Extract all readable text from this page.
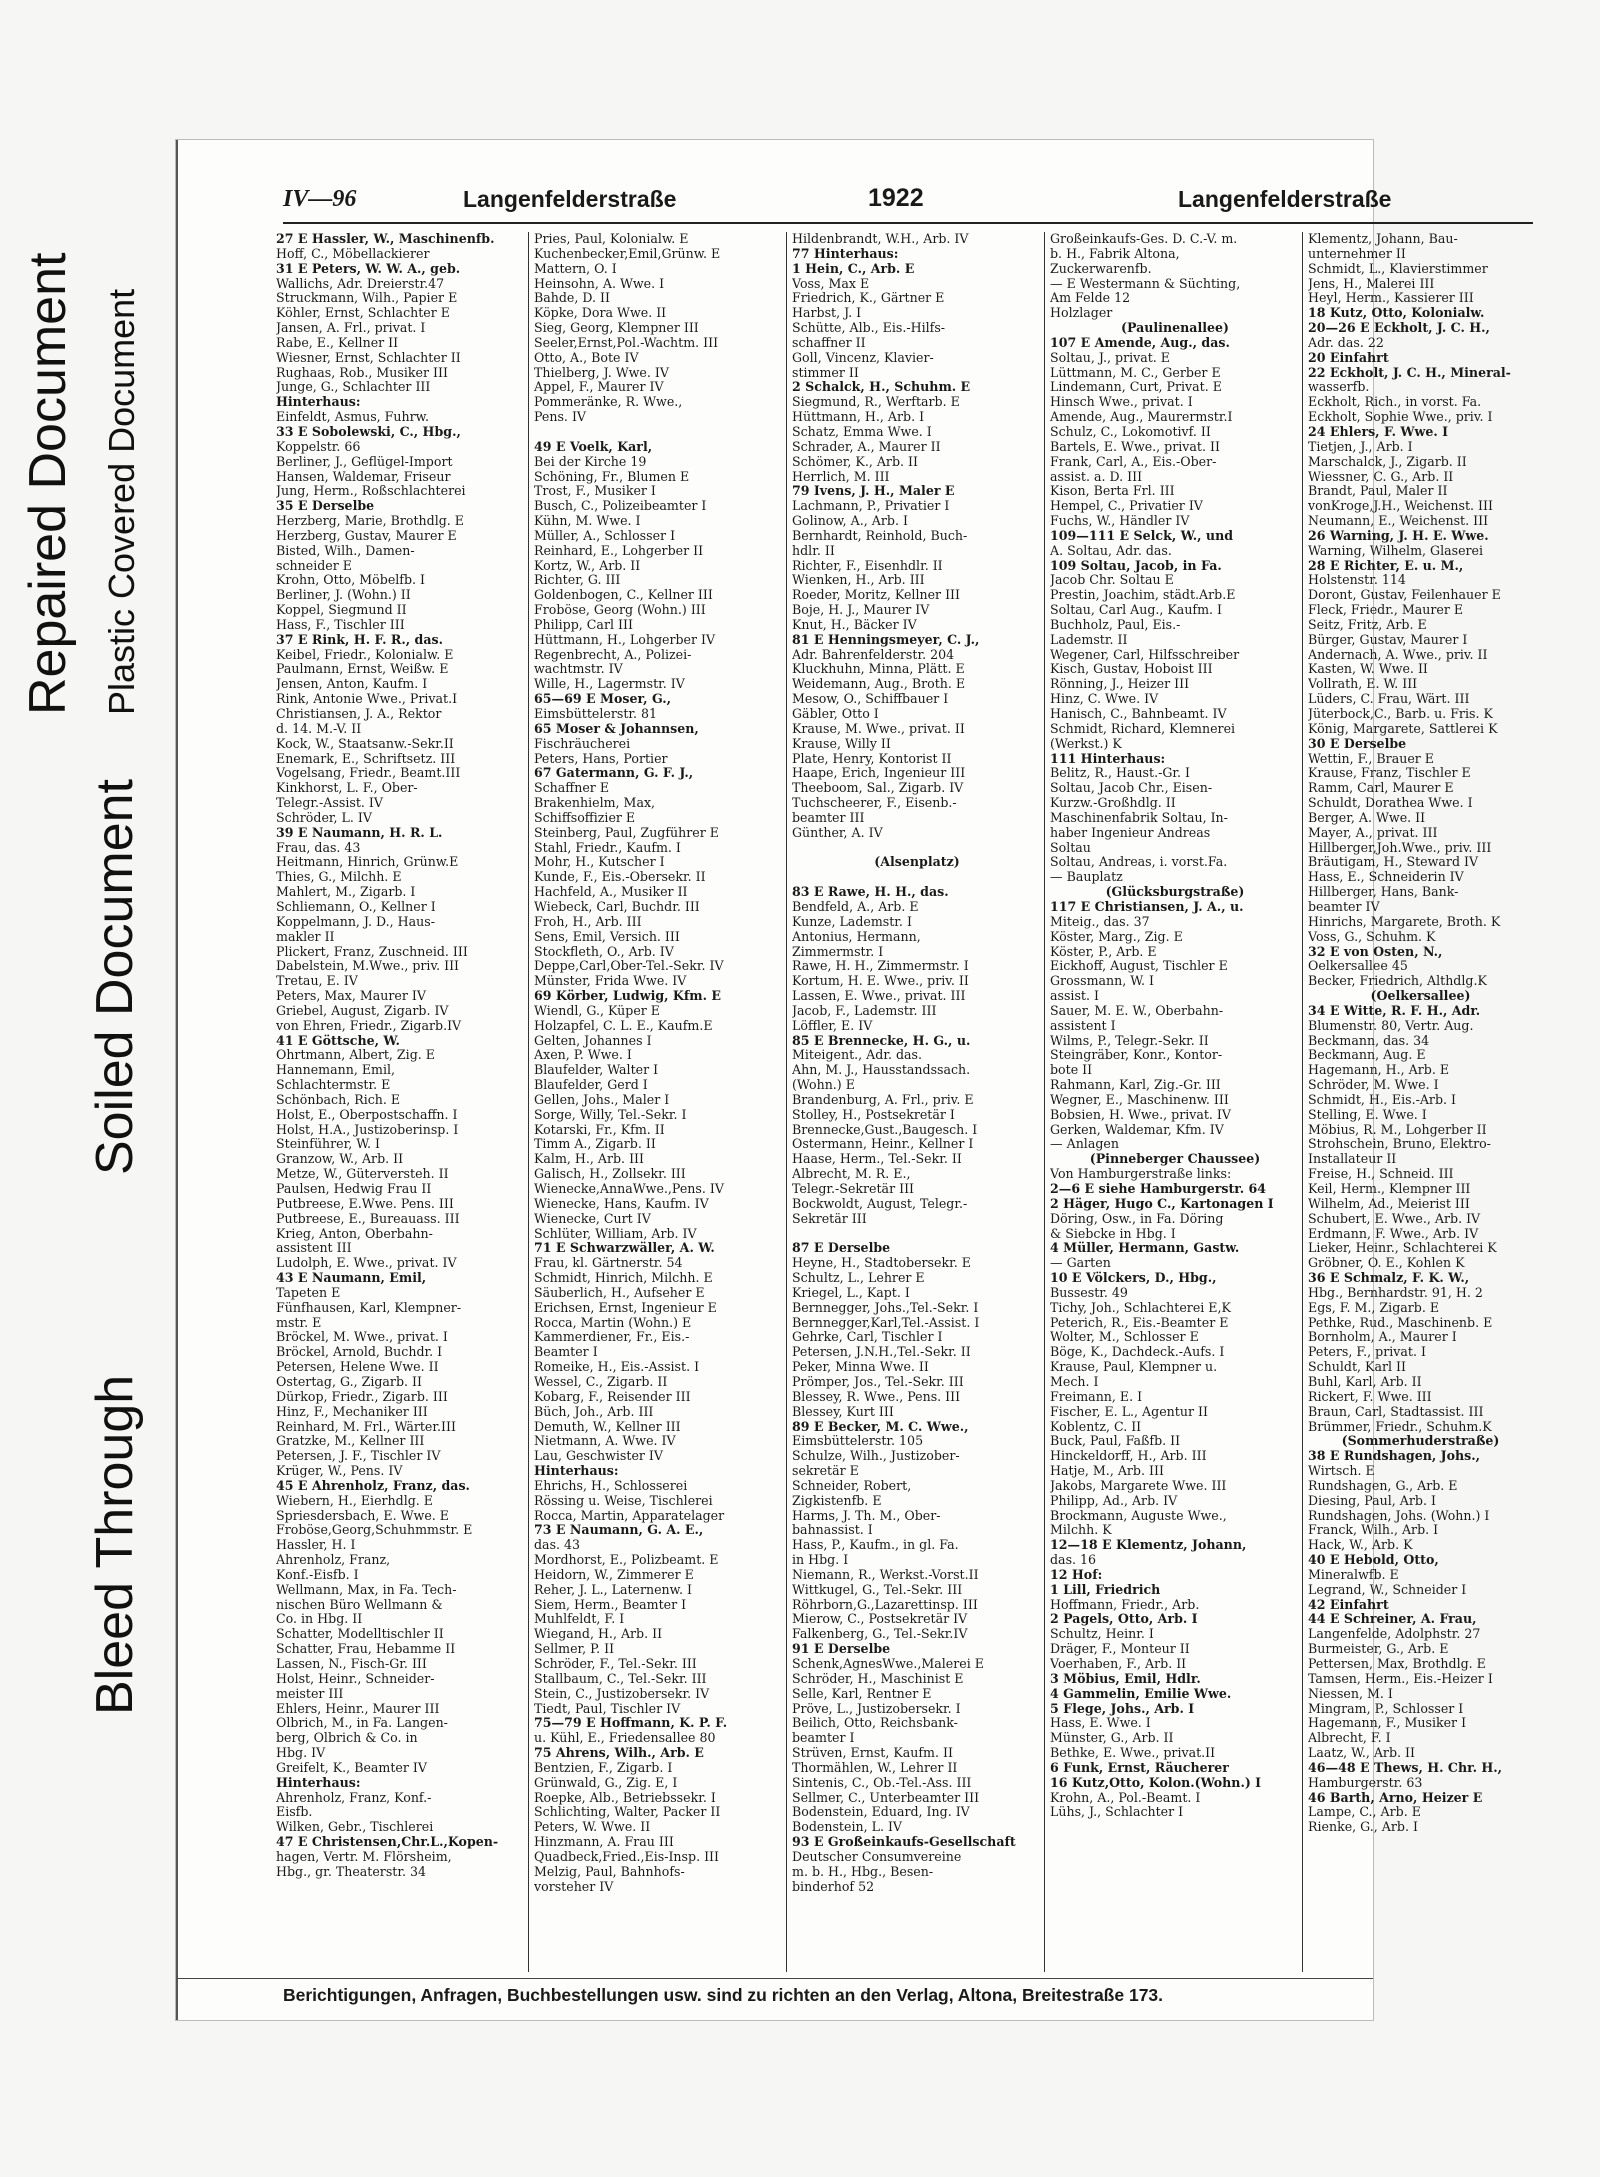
Repaired Document Plastic Covered Document
Soiled Document
Bleed Through
IV—96	Langenfelderstraße	1922	Langenfelderstraße
27 E Hassler, W., Maschinenfb.
Hoff, C., Möbellackierer
31 E Peters, W. W. A., geb.
Wallichs, Adr. Dreierstr.47
Struckmann, Wilh., Papier E
Köhler, Ernst, Schlachter E
Jansen, A. Frl., privat. I
Rabe, E., Kellner II
Wiesner, Ernst, Schlachter II
Rughaas, Rob., Musiker III
Junge, G., Schlachter III
Hinterhaus:
Einfeldt, Asmus, Fuhrw.
33 E Sobolewski, C., Hbg.,
Koppelstr. 66
Berliner, J., Geflügel-Import
Hansen, Waldemar, Friseur
Jung, Herm., Roßschlachterei
35 E Derselbe
Herzberg, Marie, Brothdlg. E
Herzberg, Gustav, Maurer E
Bisted, Wilh., Damen-
schneider E
Krohn, Otto, Möbelfb. I
Berliner, J. (Wohn.) II
Koppel, Siegmund II
Hass, F., Tischler III
37 E Rink, H. F. R., das.
Keibel, Friedr., Kolonialw. E
Paulmann, Ernst, Weißw. E
Jensen, Anton, Kaufm. I
Rink, Antonie Wwe., Privat.I
Christiansen, J. A., Rektor
d. 14. M.-V. II
Kock, W., Staatsanw.-Sekr.II
Enemark, E., Schriftsetz. III
Vogelsang, Friedr., Beamt.III
Kinkhorst, L. F., Ober-
Telegr.-Assist. IV
Schröder, L. IV
39 E Naumann, H. R. L.
Frau, das. 43
Heitmann, Hinrich, Grünw.E
Thies, G., Milchh. E
Mahlert, M., Zigarb. I
Schliemann, O., Kellner I
Koppelmann, J. D., Haus-
makler II
Plickert, Franz, Zuschneid. III
Dabelstein, M.Wwe., priv. III
Tretau, E. IV
Peters, Max, Maurer IV
Griebel, August, Zigarb. IV
von Ehren, Friedr., Zigarb.IV
41 E Göttsche, W.
Ohrtmann, Albert, Zig. E
Hannemann, Emil,
Schlachtermstr. E
Schönbach, Rich. E
Holst, E., Oberpostschaffn. I
Holst, H.A., Justizoberinsp. I
Steinführer, W. I
Granzow, W., Arb. II
Metze, W., Güterversteh. II
Paulsen, Hedwig Frau II
Putbreese, E.Wwe. Pens. III
Putbreese, E., Bureauass. III
Krieg, Anton, Oberbahn-
assistent III
Ludolph, E. Wwe., privat. IV
43 E Naumann, Emil,
Tapeten E
Fünfhausen, Karl, Klempner-
mstr. E
Bröckel, M. Wwe., privat. I
Bröckel, Arnold, Buchdr. I
Petersen, Helene Wwe. II
Ostertag, G., Zigarb. II
Dürkop, Friedr., Zigarb. III
Hinz, F., Mechaniker III
Reinhard, M. Frl., Wärter.III
Gratzke, M., Kellner III
Petersen, J. F., Tischler IV
Krüger, W., Pens. IV
45 E Ahrenholz, Franz, das.
Wiebern, H., Eierhdlg. E
Spriesdersbach, E. Wwe. E
Froböse,Georg,Schuhmmstr. E
Hassler, H. I
Ahrenholz, Franz,
Konf.-Eisfb. I
Wellmann, Max, in Fa. Tech-
nischen Büro Wellmann &
Co. in Hbg. II
Schatter, Modelltischler II
Schatter, Frau, Hebamme II
Lassen, N., Fisch-Gr. III
Holst, Heinr., Schneider-
meister III
Ehlers, Heinr., Maurer III
Olbrich, M., in Fa. Langen-
berg, Olbrich & Co. in
Hbg. IV
Greifelt, K., Beamter IV
Hinterhaus:
Ahrenholz, Franz, Konf.-
Eisfb.
Wilken, Gebr., Tischlerei
47 E Christensen,Chr.L.,Kopen-
hagen, Vertr. M. Flörsheim,
Hbg., gr. Theaterstr. 34
Pries, Paul, Kolonialw. E
Kuchenbecker,Emil,Grünw. E
Mattern, O. I
Heinsohn, A. Wwe. I
Bahde, D. II
Köpke, Dora Wwe. II
Sieg, Georg, Klempner III
Seeler,Ernst,Pol.-Wachtm. III
Otto, A., Bote IV
Thielberg, J. Wwe. IV
Appel, F., Maurer IV
Pommeränke, R. Wwe.,
Pens. IV
49 E Voelk, Karl,
Bei der Kirche 19
Schöning, Fr., Blumen E
Trost, F., Musiker I
Busch, C., Polizeibeamter I
Kühn, M. Wwe. I
Müller, A., Schlosser I
Reinhard, E., Lohgerber II
Kortz, W., Arb. II
Richter, G. III
Goldenbogen, C., Kellner III
Froböse, Georg (Wohn.) III
Philipp, Carl III
Hüttmann, H., Lohgerber IV
Regenbrecht, A., Polizei-
wachtmstr. IV
Wille, H., Lagermstr. IV
65—69 E Moser, G.,
Eimsbüttelerstr. 81
65 Moser & Johannsen,
Fischräucherei
Peters, Hans, Portier
67 Gatermann, G. F. J.,
Schaffner E
Brakenhielm, Max,
Schiffsoffizier E
Steinberg, Paul, Zugführer E
Stahl, Friedr., Kaufm. I
Mohr, H., Kutscher I
Kunde, F., Eis.-Obersekr. II
Hachfeld, A., Musiker II
Wiebeck, Carl, Buchdr. III
Froh, H., Arb. III
Sens, Emil, Versich. III
Stockfleth, O., Arb. IV
Deppe,Carl,Ober-Tel.-Sekr. IV
Münster, Frida Wwe. IV
69 Körber, Ludwig, Kfm. E
Wiendl, G., Küper E
Holzapfel, C. L. E., Kaufm.E
Gelten, Johannes I
Axen, P. Wwe. I
Blaufelder, Walter I
Blaufelder, Gerd I
Gellen, Johs., Maler I
Sorge, Willy, Tel.-Sekr. I
Kotarski, Fr., Kfm. II
Timm A., Zigarb. II
Kalm, H., Arb. III
Galisch, H., Zollsekr. III
Wienecke,AnnaWwe.,Pens. IV
Wienecke, Hans, Kaufm. IV
Wienecke, Curt IV
Schlüter, William, Arb. IV
71 E Schwarzwäller, A. W.
Frau, kl. Gärtnerstr. 54
Schmidt, Hinrich, Milchh. E
Säuberlich, H., Aufseher E
Erichsen, Ernst, Ingenieur E
Rocca, Martin (Wohn.) E
Kammerdiener, Fr., Eis.-
Beamter I
Romeike, H., Eis.-Assist. I
Wessel, C., Zigarb. II
Kobarg, F., Reisender III
Büch, Joh., Arb. III
Demuth, W., Kellner III
Nietmann, A. Wwe. IV
Lau, Geschwister IV
Hinterhaus:
Ehrichs, H., Schlosserei
Rössing u. Weise, Tischlerei
Rocca, Martin, Apparatelager
73 E Naumann, G. A. E.,
das. 43
Mordhorst, E., Polizbeamt. E
Heidorn, W., Zimmerer E
Reher, J. L., Laternenw. I
Siem, Herm., Beamter I
Muhlfeldt, F. I
Wiegand, H., Arb. II
Sellmer, P. II
Schröder, F., Tel.-Sekr. III
Stallbaum, C., Tel.-Sekr. III
Stein, C., Justizobersekr. IV
Tiedt, Paul, Tischler IV
75—79 E Hoffmann, K. P. F.
u. Kühl, E., Friedensallee 80
75 Ahrens, Wilh., Arb. E
Bentzien, F., Zigarb. I
Grünwald, G., Zig. E, I
Roepke, Alb., Betriebssekr. I
Schlichting, Walter, Packer II
Peters, W. Wwe. II
Hinzmann, A. Frau III
Quadbeck,Fried.,Eis-Insp. III
Melzig, Paul, Bahnhofs-
vorsteher IV
Hildenbrandt, W.H., Arb. IV
77 Hinterhaus:
1 Hein, C., Arb. E
Voss, Max E
Friedrich, K., Gärtner E
Harbst, J. I
Schütte, Alb., Eis.-Hilfs-
schaffner II
Goll, Vincenz, Klavier-
stimmer II
2 Schalck, H., Schuhm. E
Siegmund, R., Werftarb. E
Hüttmann, H., Arb. I
Schatz, Emma Wwe. I
Schrader, A., Maurer II
Schömer, K., Arb. II
Herrlich, M. III
79 Ivens, J. H., Maler E
Lachmann, P., Privatier I
Golinow, A., Arb. I
Bernhardt, Reinhold, Buch-
hdlr. II
Richter, F., Eisenhdlr. II
Wienken, H., Arb. III
Roeder, Moritz, Kellner III
Boje, H. J., Maurer IV
Knut, H., Bäcker IV
81 E Henningsmeyer, C. J.,
Adr. Bahrenfelderstr. 204
Kluckhuhn, Minna, Plätt. E
Weidemann, Aug., Broth. E
Mesow, O., Schiffbauer I
Gäbler, Otto I
Krause, M. Wwe., privat. II
Krause, Willy II
Plate, Henry, Kontorist II
Haape, Erich, Ingenieur III
Theeboom, Sal., Zigarb. IV
Tuchscheerer, F., Eisenb.-
beamter III
Günther, A. IV
(Alsenplatz)
83 E Rawe, H. H., das.
Bendfeld, A., Arb. E
Kunze, Lademstr. I
Antonius, Hermann,
Zimmermstr. I
Rawe, H. H., Zimmermstr. I
Kortum, H. E. Wwe., priv. II
Lassen, E. Wwe., privat. III
Jacob, F., Lademstr. III
Löffler, E. IV
85 E Brennecke, H. G., u.
Miteigent., Adr. das.
Ahn, M. J., Hausstandssach.
(Wohn.) E
Brandenburg, A. Frl., priv. E
Stolley, H., Postsekretär I
Brennecke,Gust.,Baugesch. I
Ostermann, Heinr., Kellner I
Haase, Herm., Tel.-Sekr. II
Albrecht, M. R. E.,
Telegr.-Sekretär III
Bockwoldt, August, Telegr.-
Sekretär III
87 E Derselbe
Heyne, H., Stadtobersekr. E
Schultz, L., Lehrer E
Kriegel, L., Kapt. I
Bernnegger, Johs.,Tel.-Sekr. I
Bernnegger,Karl,Tel.-Assist. I
Gehrke, Carl, Tischler I
Petersen, J.N.H.,Tel.-Sekr. II
Peker, Minna Wwe. II
Prömper, Jos., Tel.-Sekr. III
Blessey, R. Wwe., Pens. III
Blessey, Kurt III
89 E Becker, M. C. Wwe.,
Eimsbüttelerstr. 105
Schulze, Wilh., Justizober-
sekretär E
Schneider, Robert,
Zigkistenfb. E
Harms, J. Th. M., Ober-
bahnassist. I
Hass, P., Kaufm., in gl. Fa.
in Hbg. I
Niemann, R., Werkst.-Vorst.II
Wittkugel, G., Tel.-Sekr. III
Röhrborn,G.,Lazarettinsp. III
Mierow, C., Postsekretär IV
Falkenberg, G., Tel.-Sekr.IV
91 E Derselbe
Schenk,AgnesWwe.,Malerei E
Schröder, H., Maschinist E
Selle, Karl, Rentner E
Pröve, L., Justizobersekr. I
Beilich, Otto, Reichsbank-
beamter I
Strüven, Ernst, Kaufm. II
Thormählen, W., Lehrer II
Sintenis, C., Ob.-Tel.-Ass. III
Sellmer, C., Unterbeamter III
Bodenstein, Eduard, Ing. IV
Bodenstein, L. IV
93 E Großeinkaufs-Gesellschaft
Deutscher Consumvereine
m. b. H., Hbg., Besen-
binderhof 52
Großeinkaufs-Ges. D. C.-V. m.
b. H., Fabrik Altona,
Zuckerwarenfb.
— E Westermann & Süchting,
Am Felde 12
Holzlager
(Paulinenallee)
107 E Amende, Aug., das.
Soltau, J., privat. E
Lüttmann, M. C., Gerber E
Lindemann, Curt, Privat. E
Hinsch Wwe., privat. I
Amende, Aug., Maurermstr.I
Schulz, C., Lokomotivf. II
Bartels, E. Wwe., privat. II
Frank, Carl, A., Eis.-Ober-
assist. a. D. III
Kison, Berta Frl. III
Hempel, C., Privatier IV
Fuchs, W., Händler IV
109—111 E Selck, W., und
A. Soltau, Adr. das.
109 Soltau, Jacob, in Fa.
Jacob Chr. Soltau E
Prestin, Joachim, städt.Arb.E
Soltau, Carl Aug., Kaufm. I
Buchholz, Paul, Eis.-
Lademstr. II
Wegener, Carl, Hilfsschreiber
Kisch, Gustav, Hoboist III
Rönning, J., Heizer III
Hinz, C. Wwe. IV
Hanisch, C., Bahnbeamt. IV
Schmidt, Richard, Klemnerei
(Werkst.) K
111 Hinterhaus:
Belitz, R., Haust.-Gr. I
Soltau, Jacob Chr., Eisen-
Kurzw.-Großhdlg. II
Maschinenfabrik Soltau, In-
haber Ingenieur Andreas
Soltau
Soltau, Andreas, i. vorst.Fa.
— Bauplatz
(Glücksburgstraße)
117 E Christiansen, J. A., u.
Miteig., das. 37
Köster, Marg., Zig. E
Köster, P., Arb. E
Eickhoff, August, Tischler E
Grossmann, W. I
assist. I
Sauer, M. E. W., Oberbahn-
assistent I
Wilms, P., Telegr.-Sekr. II
Steingräber, Konr., Kontor-
bote II
Rahmann, Karl, Zig.-Gr. III
Wegner, E., Maschinenw. III
Bobsien, H. Wwe., privat. IV
Gerken, Waldemar, Kfm. IV
— Anlagen
(Pinneberger Chaussee)
Von Hamburgerstraße links:
2—6 E siehe Hamburgerstr. 64
2 Häger, Hugo C., Kartonagen I
Döring, Osw., in Fa. Döring
& Siebcke in Hbg. I
4 Müller, Hermann, Gastw.
— Garten
10 E Völckers, D., Hbg.,
Bussestr. 49
Tichy, Joh., Schlachterei E,K
Peterich, R., Eis.-Beamter E
Wolter, M., Schlosser E
Böge, K., Dachdeck.-Aufs. I
Krause, Paul, Klempner u.
Mech. I
Freimann, E. I
Fischer, E. L., Agentur II
Koblentz, C. II
Buck, Paul, Faßfb. II
Hinckeldorff, H., Arb. III
Hatje, M., Arb. III
Jakobs, Margarete Wwe. III
Philipp, Ad., Arb. IV
Brockmann, Auguste Wwe.,
Milchh. K
12—18 E Klementz, Johann,
das. 16
12 Hof:
1 Lill, Friedrich
Hoffmann, Friedr., Arb.
2 Pagels, Otto, Arb. I
Schultz, Heinr. I
Dräger, F., Monteur II
Voerhaben, F., Arb. II
3 Möbius, Emil, Hdlr.
4 Gammelin, Emilie Wwe.
5 Flege, Johs., Arb. I
Hass, E. Wwe. I
Münster, G., Arb. II
Bethke, E. Wwe., privat.II
6 Funk, Ernst, Räucherer
16 Kutz,Otto, Kolon.(Wohn.) I
Krohn, A., Pol.-Beamt. I
Lühs, J., Schlachter I
Klementz, Johann, Bau-
unternehmer II
Schmidt, L., Klavierstimmer
Jens, H., Malerei III
Heyl, Herm., Kassierer III
18 Kutz, Otto, Kolonialw.
20—26 E Eckholt, J. C. H.,
Adr. das. 22
20 Einfahrt
22 Eckholt, J. C. H., Mineral-
wasserfb.
Eckholt, Rich., in vorst. Fa.
Eckholt, Sophie Wwe., priv. I
24 Ehlers, F. Wwe. I
Tietjen, J., Arb. I
Marschalck, J., Zigarb. II
Wiessner, C. G., Arb. II
Brandt, Paul, Maler II
vonKroge,J.H., Weichenst. III
Neumann, E., Weichenst. III
26 Warning, J. H. E. Wwe.
Warning, Wilhelm, Glaserei
28 E Richter, E. u. M.,
Holstenstr. 114
Doront, Gustav, Feilenhauer E
Fleck, Friedr., Maurer E
Seitz, Fritz, Arb. E
Bürger, Gustav, Maurer I
Andernach, A. Wwe., priv. II
Kasten, W. Wwe. II
Vollrath, E. W. III
Lüders, C. Frau, Wärt. III
Jüterbock,C., Barb. u. Fris. K
König, Margarete, Sattlerei K
30 E Derselbe
Wettin, F., Brauer E
Krause, Franz, Tischler E
Ramm, Carl, Maurer E
Schuldt, Dorathea Wwe. I
Berger, A. Wwe. II
Mayer, A., privat. III
Hillberger,Joh.Wwe., priv. III
Bräutigam, H., Steward IV
Hass, E., Schneiderin IV
Hillberger, Hans, Bank-
beamter IV
Hinrichs, Margarete, Broth. K
Voss, G., Schuhm. K
32 E von Osten, N.,
Oelkersallee 45
Becker, Friedrich, Althdlg.K
(Oelkersallee)
34 E Witte, R. F. H., Adr.
Blumenstr. 80, Vertr. Aug.
Beckmann, das. 34
Beckmann, Aug. E
Hagemann, H., Arb. E
Schröder, M. Wwe. I
Schmidt, H., Eis.-Arb. I
Stelling, E. Wwe. I
Möbius, R. M., Lohgerber II
Strohschein, Bruno, Elektro-
Installateur II
Freise, H., Schneid. III
Keil, Herm., Klempner III
Wilhelm, Ad., Meierist III
Schubert, E. Wwe., Arb. IV
Erdmann, F. Wwe., Arb. IV
Lieker, Heinr., Schlachterei K
Gröbner, O. E., Kohlen K
36 E Schmalz, F. K. W.,
Hbg., Bernhardstr. 91, H. 2
Egs, F. M., Zigarb. E
Pethke, Rud., Maschinenb. E
Bornholm, A., Maurer I
Peters, F., privat. I
Schuldt, Karl II
Buhl, Karl, Arb. II
Rickert, F. Wwe. III
Braun, Carl, Stadtassist. III
Brümmer, Friedr., Schuhm.K
(Sommerhuderstraße)
38 E Rundshagen, Johs.,
Wirtsch. E
Rundshagen, G., Arb. E
Diesing, Paul, Arb. I
Rundshagen, Johs. (Wohn.) I
Franck, Wilh., Arb. I
Hack, W., Arb. K
40 E Hebold, Otto,
Mineralwfb. E
Legrand, W., Schneider I
42 Einfahrt
44 E Schreiner, A. Frau,
Langenfelde, Adolphstr. 27
Burmeister, G., Arb. E
Pettersen, Max, Brothdlg. E
Tamsen, Herm., Eis.-Heizer I
Niessen, M. I
Mingram, P., Schlosser I
Hagemann, F., Musiker I
Albrecht, F. I
Laatz, W., Arb. II
46—48 E Thews, H. Chr. H.,
Hamburgerstr. 63
46 Barth, Arno, Heizer E
Lampe, C., Arb. E
Rienke, G., Arb. I
Berichtigungen, Anfragen, Buchbestellungen usw. sind zu richten an den Verlag, Altona, Breitestraße 173.
